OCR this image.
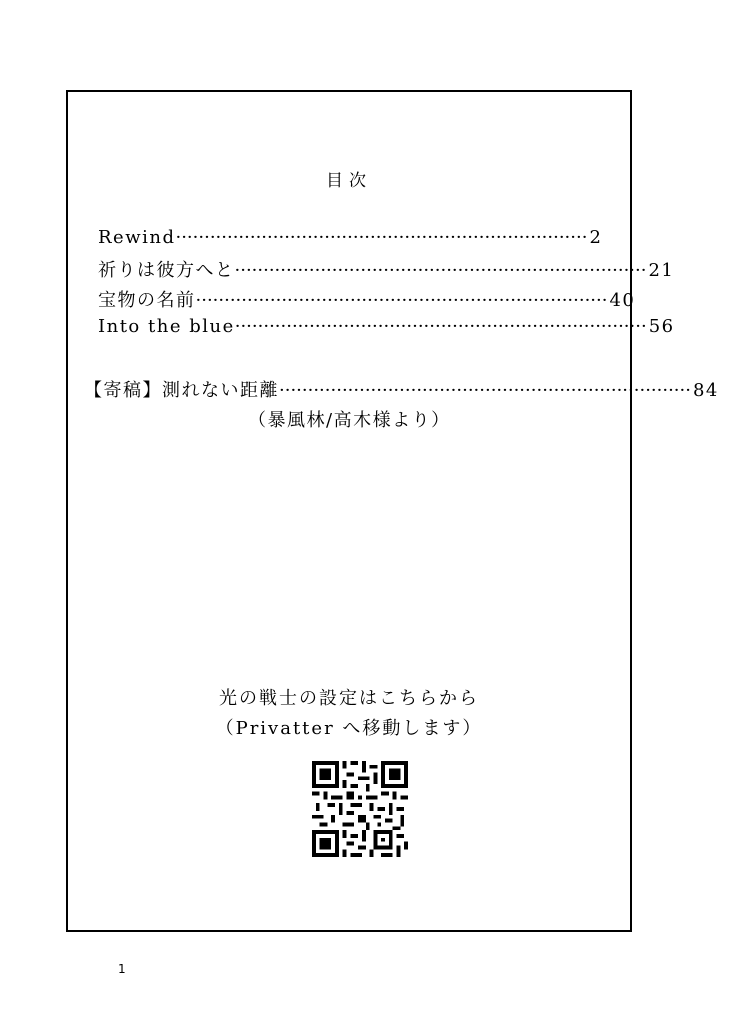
目次
Rewind ········································································ 2
祈りは彼方へと ········································································ 21
宝物の名前 ········································································ 40
Into the blue ········································································ 56
【寄稿】測れない距離 ········································································ 84
（暴風林/高木様より）
光の戦士の設定はこちらから
（Privatter へ移動します）
1
